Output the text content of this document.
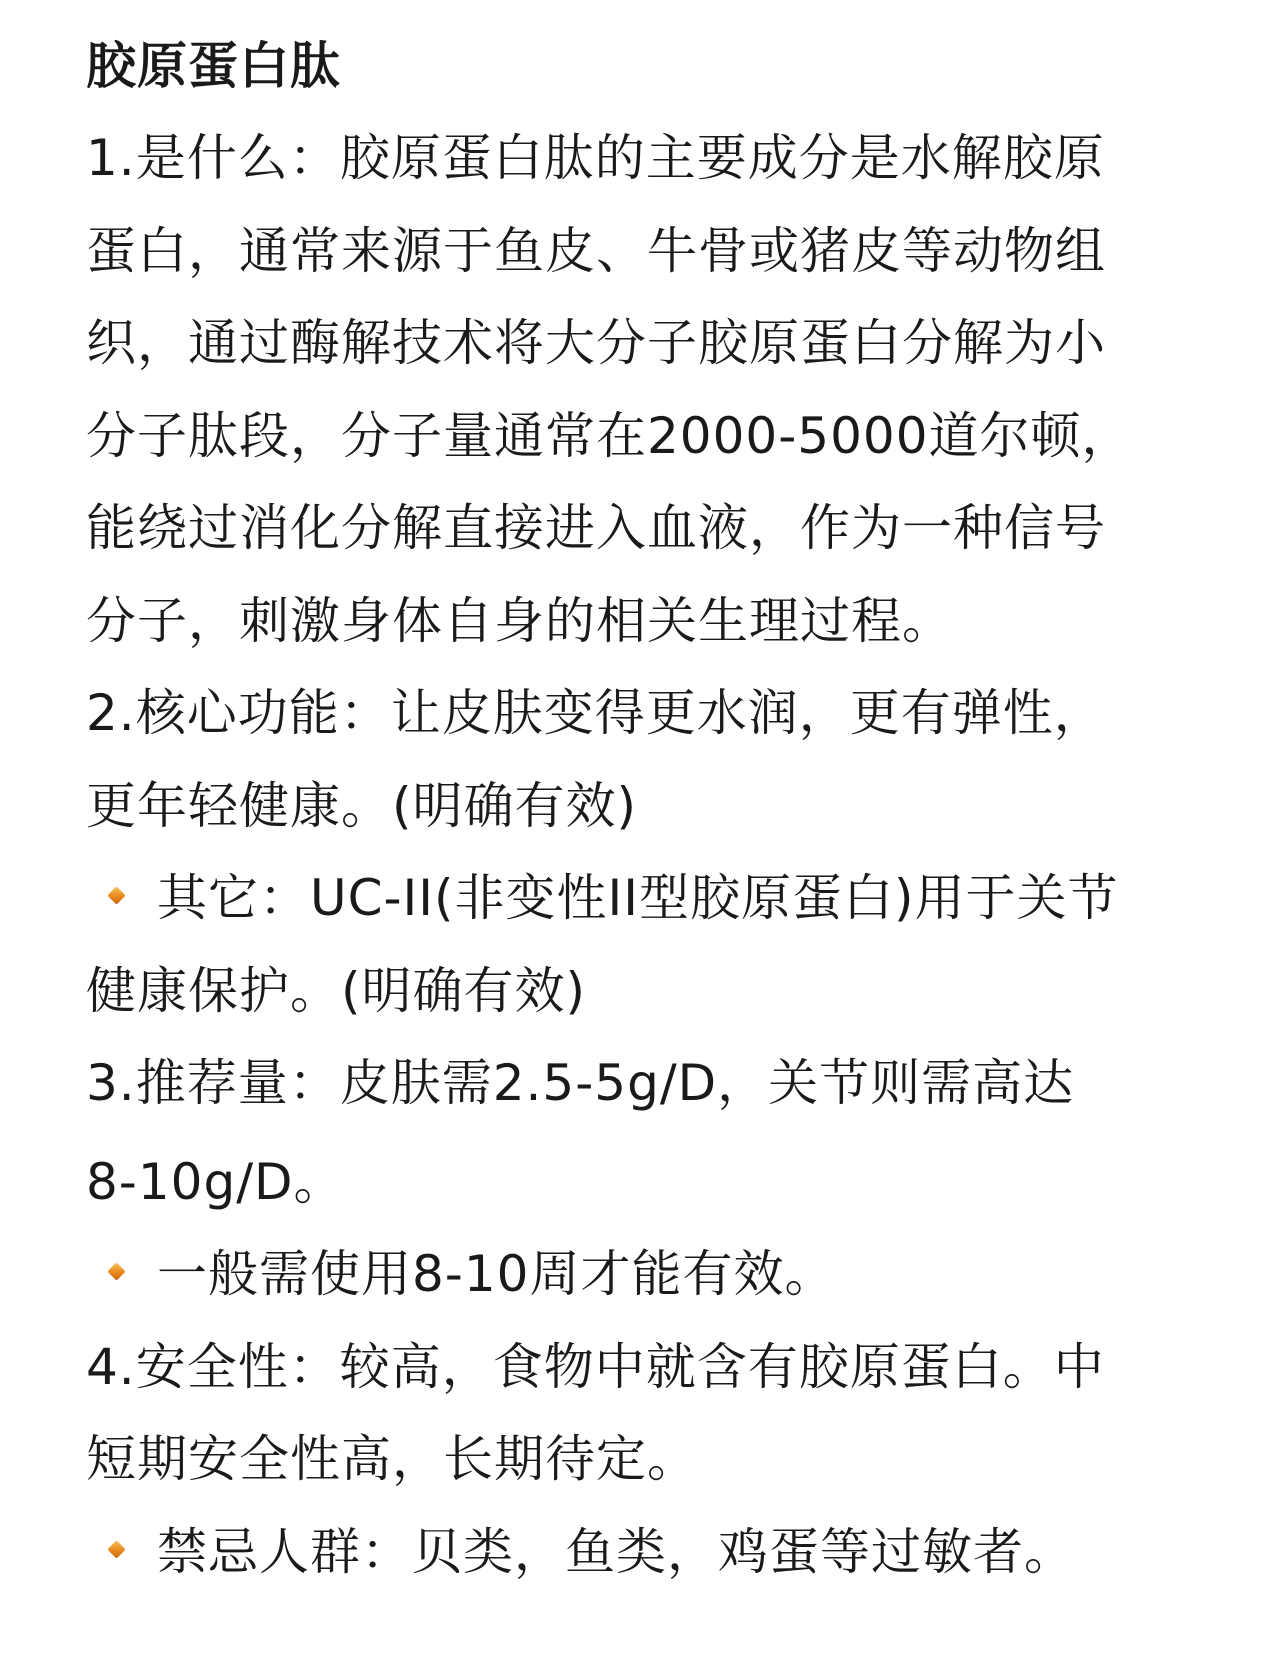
胶原蛋白肽

1.是什么：胶原蛋白肽的主要成分是水解胶原

蛋白，通常来源于鱼皮、牛骨或猪皮等动物组

织，通过酶解技术将大分子胶原蛋白分解为小

分子肽段，分子量通常在2000-5000道尔顿，

能绕过消化分解直接进入血液，作为一种信号

分子，刺激身体自身的相关生理过程。

2.核心功能：让皮肤变得更水润，更有弹性，

更年轻健康。(明确有效)

其它：UC-II(非变性II型胶原蛋白)用于关节

健康保护。(明确有效)

3.推荐量：皮肤需2.5-5g/D，关节则需高达

8-10g/D。

一般需使用8-10周才能有效。

4.安全性：较高，食物中就含有胶原蛋白。中

短期安全性高，长期待定。

禁忌人群：贝类，鱼类，鸡蛋等过敏者。
